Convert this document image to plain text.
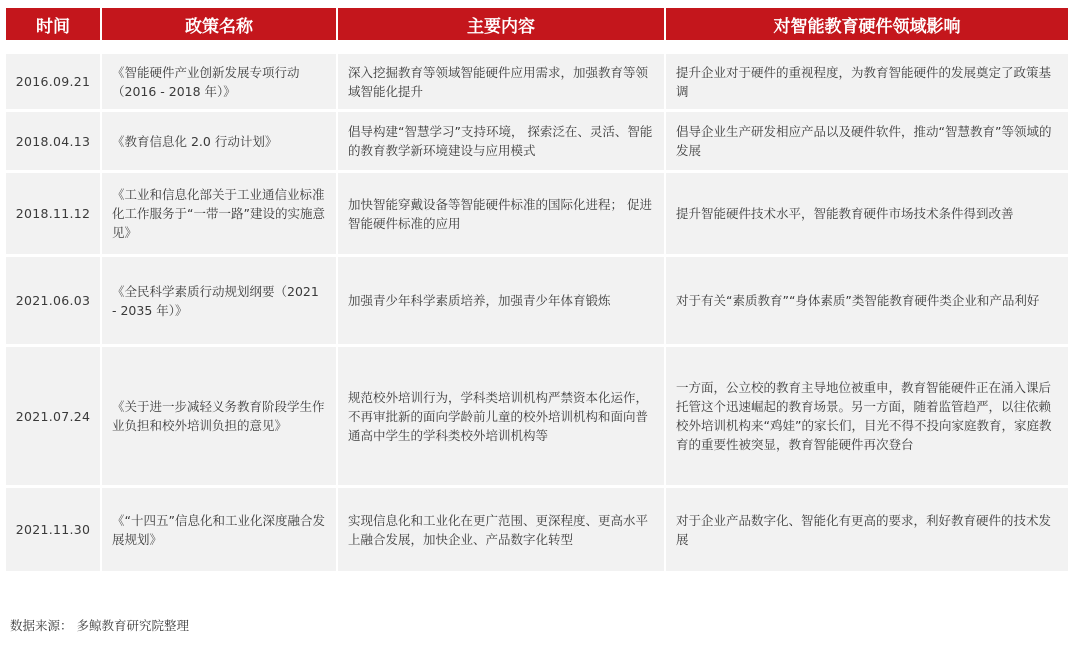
时间	政策名称	主要内容	对智能教育硬件领域影响
2016.09.21	《智能硬件产业创新发展专项行动（2016 - 2018 年）》	深入挖掘教育等领域智能硬件应用需求，加强教育等领域智能化提升	提升企业对于硬件的重视程度，为教育智能硬件的发展奠定了政策基调
2018.04.13	《教育信息化 2.0 行动计划》	倡导构建“智慧学习”支持环境， 探索泛在、灵活、智能的教育教学新环境建设与应用模式	倡导企业生产研发相应产品以及硬件软件，推动“智慧教育”等领域的发展
2018.11.12	《工业和信息化部关于工业通信业标准化工作服务于“一带一路”建设的实施意见》	加快智能穿戴设备等智能硬件标准的国际化进程； 促进智能硬件标准的应用	提升智能硬件技术水平，智能教育硬件市场技术条件得到改善
2021.06.03	《全民科学素质行动规划纲要（2021 - 2035 年）》	加强青少年科学素质培养，加强青少年体育锻炼	对于有关“素质教育”“身体素质”类智能教育硬件类企业和产品利好
2021.07.24	《关于进一步减轻义务教育阶段学生作业负担和校外培训负担的意见》	规范校外培训行为，学科类培训机构严禁资本化运作，不再审批新的面向学龄前儿童的校外培训机构和面向普通高中学生的学科类校外培训机构等	一方面，公立校的教育主导地位被重申，教育智能硬件正在涌入课后托管这个迅速崛起的教育场景。另一方面，随着监管趋严，以往依赖校外培训机构来“鸡娃”的家长们，目光不得不投向家庭教育，家庭教育的重要性被突显，教育智能硬件再次登台
2021.11.30	《“十四五”信息化和工业化深度融合发展规划》	实现信息化和工业化在更广范围、更深程度、更高水平上融合发展，加快企业、产品数字化转型	对于企业产品数字化、智能化有更高的要求，利好教育硬件的技术发展
数据来源： 多鲸教育研究院整理
